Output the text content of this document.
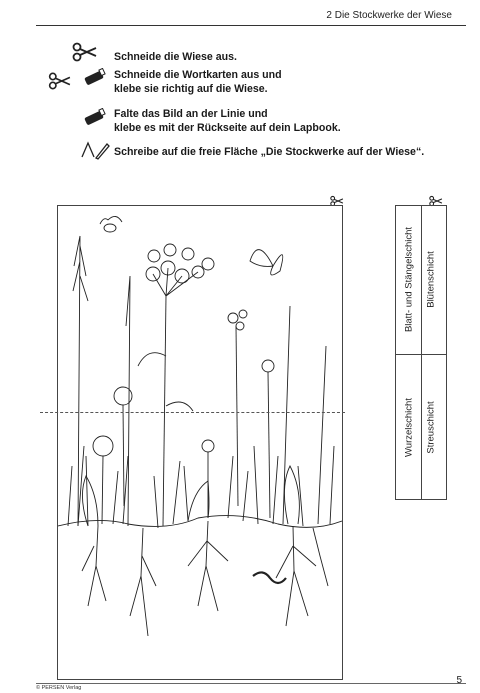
2 Die Stockwerke der Wiese
Schneide die Wiese aus.
Schneide die Wortkarten aus und
klebe sie richtig auf die Wiese.
Falte das Bild an der Linie und
klebe es mit der Rückseite auf dein Lapbook.
Schreibe auf die freie Fläche „Die Stockwerke auf der Wiese“.
Blatt- und Stängelschicht Blütenschicht
Wurzelschicht Streuschicht
© PERSEN Verlag
5
